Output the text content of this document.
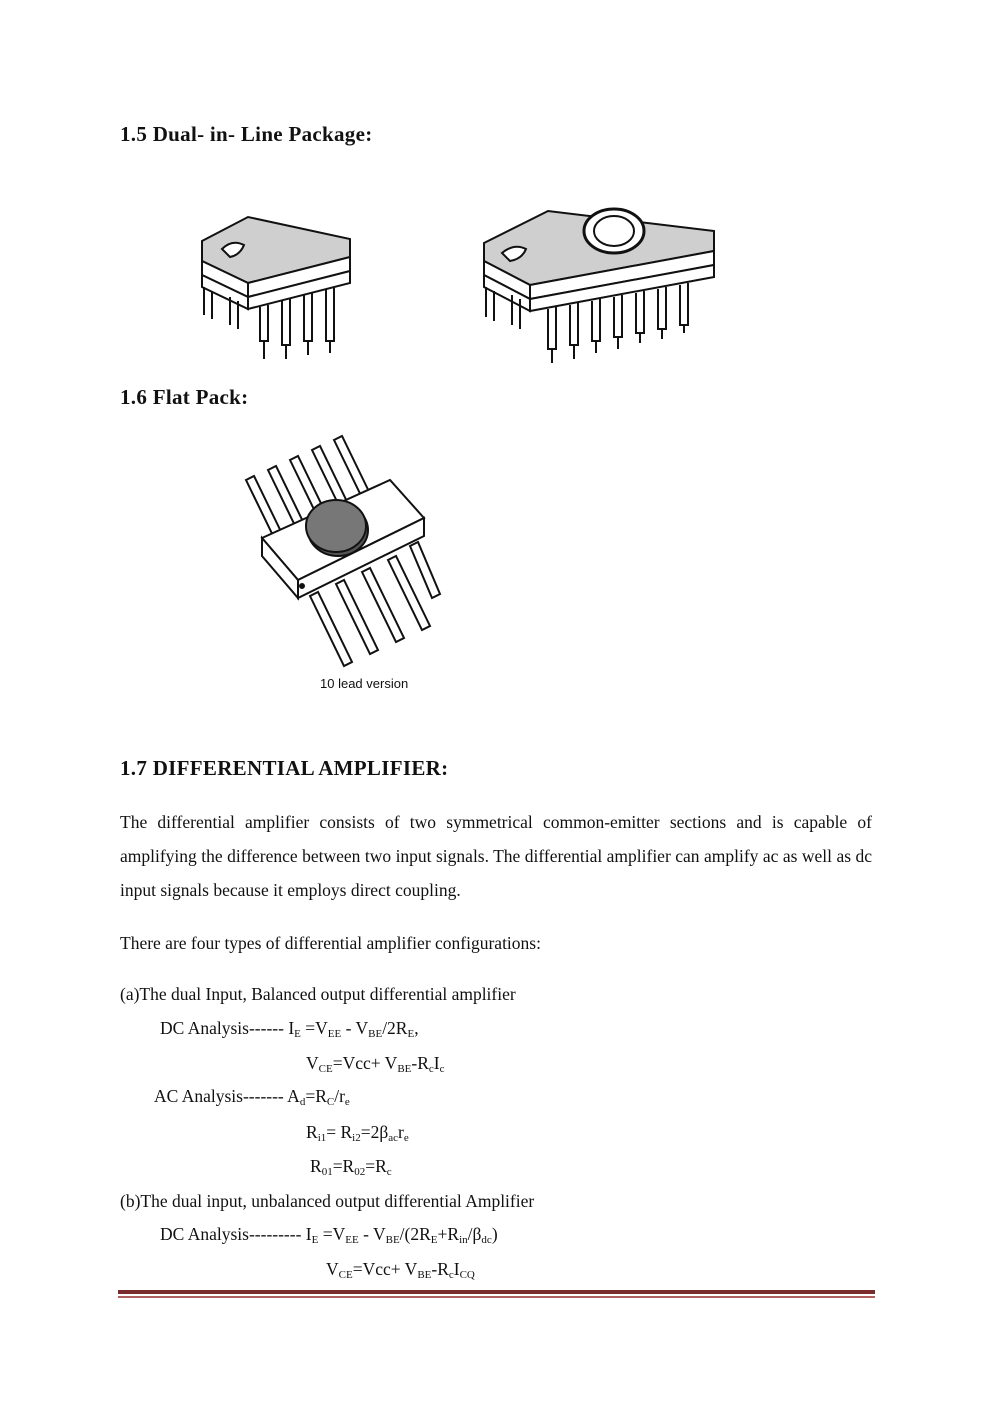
1.5 Dual- in- Line Package:
1.6 Flat Pack:
10 lead version
1.7 DIFFERENTIAL AMPLIFIER:
The differential amplifier consists of two symmetrical common-emitter sections and is capable of amplifying the difference between two input signals. The differential amplifier can amplify ac as well as dc input signals because it employs direct coupling.
There are four types of differential amplifier configurations:
(a)The dual Input, Balanced output differential amplifier
DC Analysis------ $I_E =V_{EE} - V_{BE}/2R_E$,
$V_{CE}=Vcc+ V_{BE}-R_cI_c$
AC Analysis------- $A_d=R_C/r_e$
$R_{i1}= R_{i2}=2\beta_{ac}r_e$
$R_{01}=R_{02}=R_c$
(b)The dual input, unbalanced output differential Amplifier
DC Analysis--------- $I_E =V_{EE} - V_{BE}/(2R_E+R_{in}/\beta_{dc})$
$V_{CE}=Vcc+ V_{BE}-R_cI_{CQ}$
